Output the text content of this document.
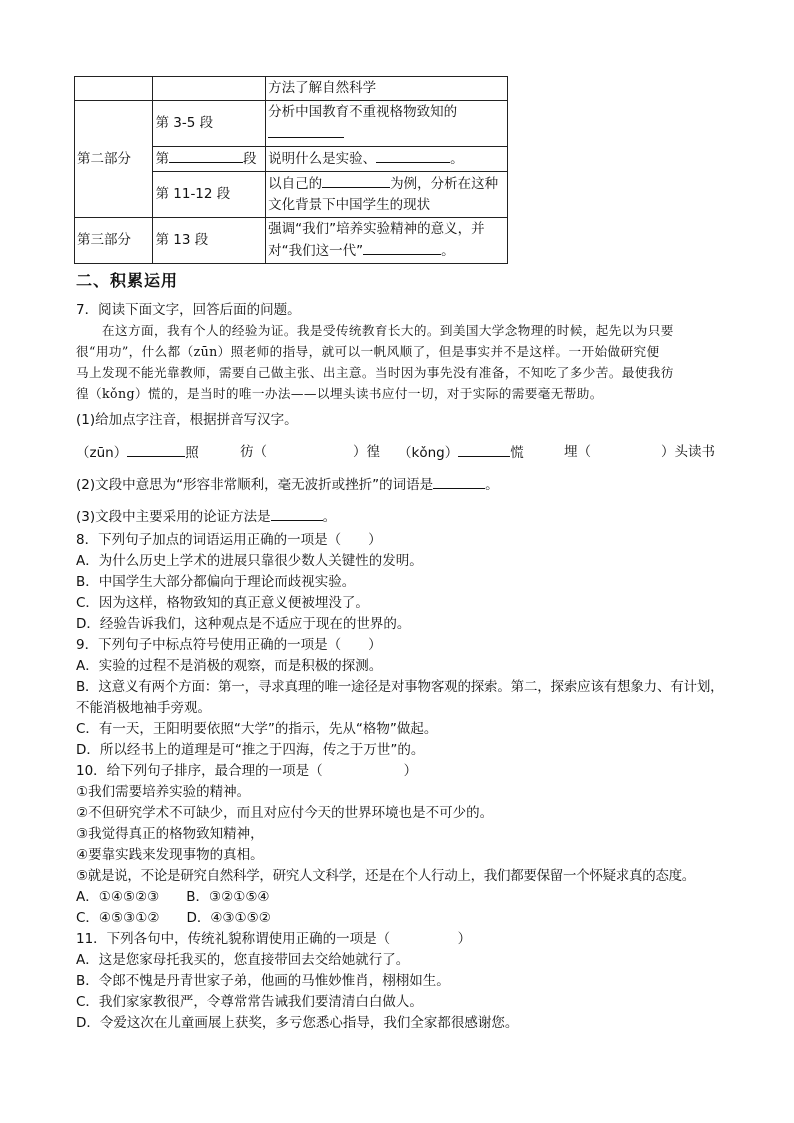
		方法了解自然科学
第二部分	第 3-5 段	分析中国教育不重视格物致知的

	第 段	说明什么是实验、 。
	第 11-12 段	以自己的 为例，分析在这种
文化背景下中国学生的现状

第三部分	第 13 段	强调“我们”培养实验精神的意义，并
对“我们这一代” 。
二、积累运用
7．阅读下面文字，回答后面的问题。
在这方面，我有个人的经验为证。我是受传统教育长大的。到美国大学念物理的时候，起先以为只要
很“用功”，什么都（zūn）照老师的指导，就可以一帆风顺了，但是事实并不是这样。一开始做研究便
马上发现不能光靠教师，需要自己做主张、出主意。当时因为事先没有准备，不知吃了多少苦。最使我彷
徨（kǒng）慌的，是当时的唯一办法——以埋头读书应付一切，对于实际的需要毫无帮助。
(1)给加点字注音，根据拼音写汉字。
（zūn）	照	彷（	）徨 （kǒng）	慌	埋（	）头读书
(2)文段中意思为“形容非常顺利，毫无波折或挫折”的词语是	。
(3)文段中主要采用的论证方法是	。
8．下列句子加点的词语运用正确的一项是（　　）
A．为什么历史上学术的进展只靠很少数人关键性的发明。
B．中国学生大部分都偏向于理论而歧视实验。
C．因为这样，格物致知的真正意义便被埋没了。
D．经验告诉我们，这种观点是不适应于现在的世界的。
9．下列句子中标点符号使用正确的一项是（　　）
A．实验的过程不是消极的观察，而是积极的探测。
B．这意义有两个方面：第一，寻求真理的唯一途径是对事物客观的探索。第二，探索应该有想象力、有计划，
不能消极地袖手旁观。
C．有一天，王阳明要依照“大学”的指示，先从“格物”做起。
D．所以经书上的道理是可“推之于四海，传之于万世”的。
10．给下列句子排序，最合理的一项是（　　　　　　）
①我们需要培养实验的精神。
②不但研究学术不可缺少，而且对应付今天的世界环境也是不可少的。
③我觉得真正的格物致知精神，
④要靠实践来发现事物的真相。
⑤就是说，不论是研究自然科学，研究人文科学，还是在个人行动上，我们都要保留一个怀疑求真的态度。
A．①④⑤②③　　B．③②①⑤④
C．④⑤③①②　　D．④③①⑤②
11．下列各句中，传统礼貌称谓使用正确的一项是（　　　　　）
A．这是您家母托我买的，您直接带回去交给她就行了。
B．令郎不愧是丹青世家子弟，他画的马惟妙惟肖，栩栩如生。
C．我们家家教很严，令尊常常告诫我们要清清白白做人。
D．令爱这次在儿童画展上获奖，多亏您悉心指导，我们全家都很感谢您。
